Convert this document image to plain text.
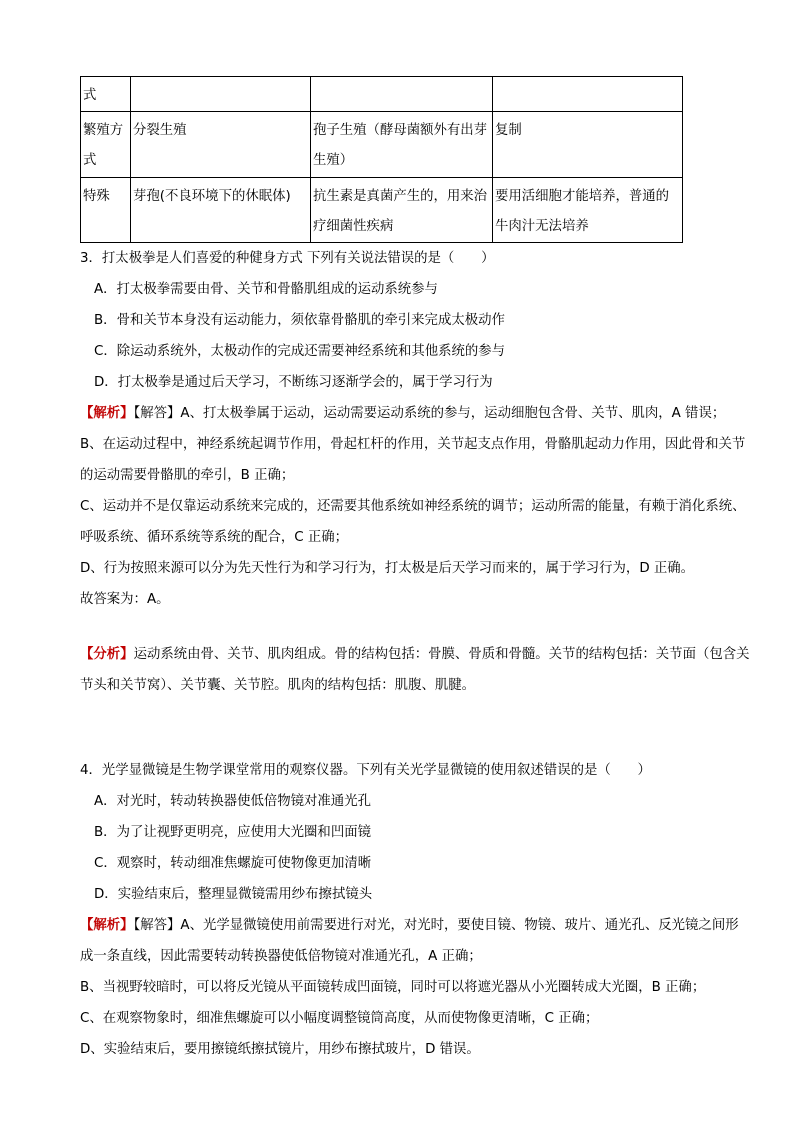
式			
繁殖方式	分裂生殖	孢子生殖（酵母菌额外有出芽生殖）	复制
特殊	芽孢(不良环境下的休眠体)	抗生素是真菌产生的，用来治疗细菌性疾病	要用活细胞才能培养，普通的牛肉汁无法培养
3．打太极拳是人们喜爱的种健身方式 下列有关说法错误的是（　　）
A．打太极拳需要由骨、关节和骨骼肌组成的运动系统参与
B．骨和关节本身没有运动能力，须依靠骨骼肌的牵引来完成太极动作
C．除运动系统外，太极动作的完成还需要神经系统和其他系统的参与
D．打太极拳是通过后天学习，不断练习逐渐学会的，属于学习行为
【解析】【解答】A、打太极拳属于运动，运动需要运动系统的参与，运动细胞包含骨、关节、肌肉，A 错误；
B、在运动过程中，神经系统起调节作用，骨起杠杆的作用，关节起支点作用，骨骼肌起动力作用，因此骨和关节的运动需要骨骼肌的牵引，B 正确；
C、运动并不是仅靠运动系统来完成的，还需要其他系统如神经系统的调节；运动所需的能量，有赖于消化系统、呼吸系统、循环系统等系统的配合，C 正确；
D、行为按照来源可以分为先天性行为和学习行为，打太极是后天学习而来的，属于学习行为，D 正确。
故答案为：A。
【分析】运动系统由骨、关节、肌肉组成。骨的结构包括：骨膜、骨质和骨髓。关节的结构包括：关节面（包含关节头和关节窝）、关节囊、关节腔。肌肉的结构包括：肌腹、肌腱。
4．光学显微镜是生物学课堂常用的观察仪器。下列有关光学显微镜的使用叙述错误的是（　　）
A．对光时，转动转换器使低倍物镜对准通光孔
B．为了让视野更明亮，应使用大光圈和凹面镜
C．观察时，转动细准焦螺旋可使物像更加清晰
D．实验结束后，整理显微镜需用纱布擦拭镜头
【解析】【解答】A、光学显微镜使用前需要进行对光，对光时，要使目镜、物镜、玻片、通光孔、反光镜之间形成一条直线，因此需要转动转换器使低倍物镜对准通光孔，A 正确；
B、当视野较暗时，可以将反光镜从平面镜转成凹面镜，同时可以将遮光器从小光圈转成大光圈，B 正确；
C、在观察物象时，细准焦螺旋可以小幅度调整镜筒高度，从而使物像更清晰，C 正确；
D、实验结束后，要用擦镜纸擦拭镜片，用纱布擦拭玻片，D 错误。
